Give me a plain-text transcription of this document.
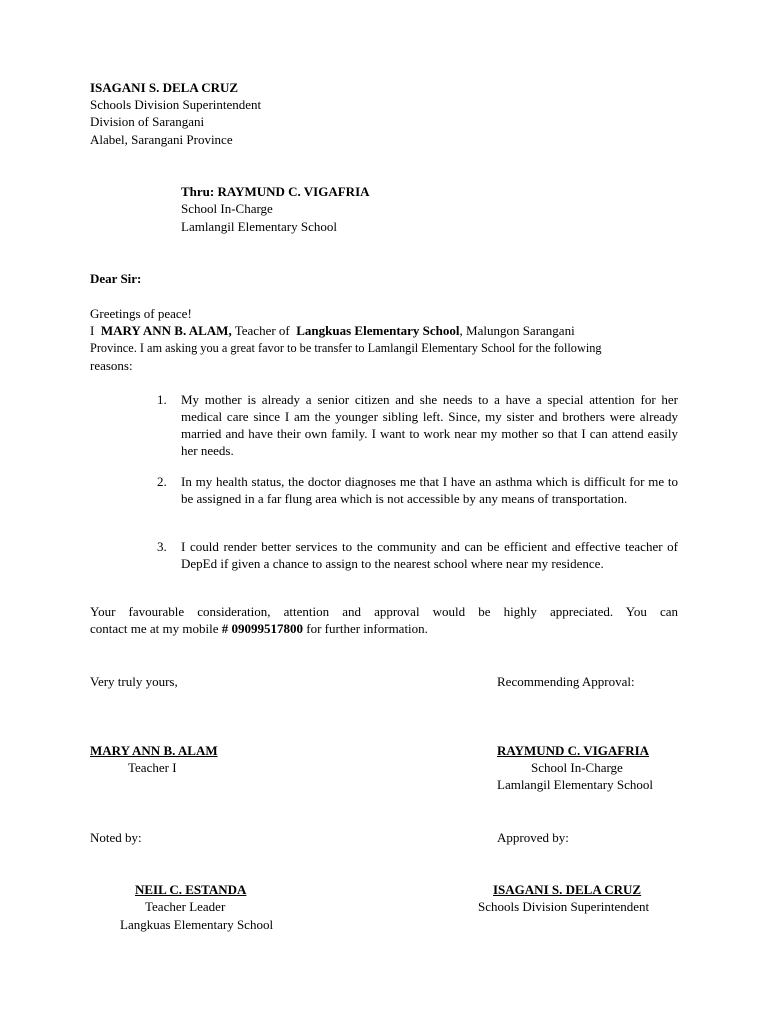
ISAGANI S. DELA CRUZ
Schools Division Superintendent
Division of Sarangani
Alabel, Sarangani Province
Thru: RAYMUND C. VIGAFRIA
School In-Charge
Lamlangil Elementary School
Dear Sir:
Greetings of peace!
I MARY ANN B. ALAM, Teacher of Langkuas Elementary School, Malungon Sarangani
Province. I am asking you a great favor to be transfer to Lamlangil Elementary School for the following
reasons:
1. My mother is already a senior citizen and she needs to a have a special attention for her medical care since I am the younger sibling left. Since, my sister and brothers were already married and have their own family. I want to work near my mother so that I can attend easily her needs.
2. In my health status, the doctor diagnoses me that I have an asthma which is difficult for me to be assigned in a far flung area which is not accessible by any means of transportation.
3. I could render better services to the community and can be efficient and effective teacher of DepEd if given a chance to assign to the nearest school where near my residence.
Your favourable consideration, attention and approval would be highly appreciated. You can
contact me at my mobile # 09099517800 for further information.
Very truly yours,	Recommending Approval:
MARY ANN B. ALAM
Teacher I
RAYMUND C. VIGAFRIA
School In-Charge
Lamlangil Elementary School
Noted by:	Approved by:
NEIL C. ESTANDA
Teacher Leader
Langkuas Elementary School
ISAGANI S. DELA CRUZ
Schools Division Superintendent
